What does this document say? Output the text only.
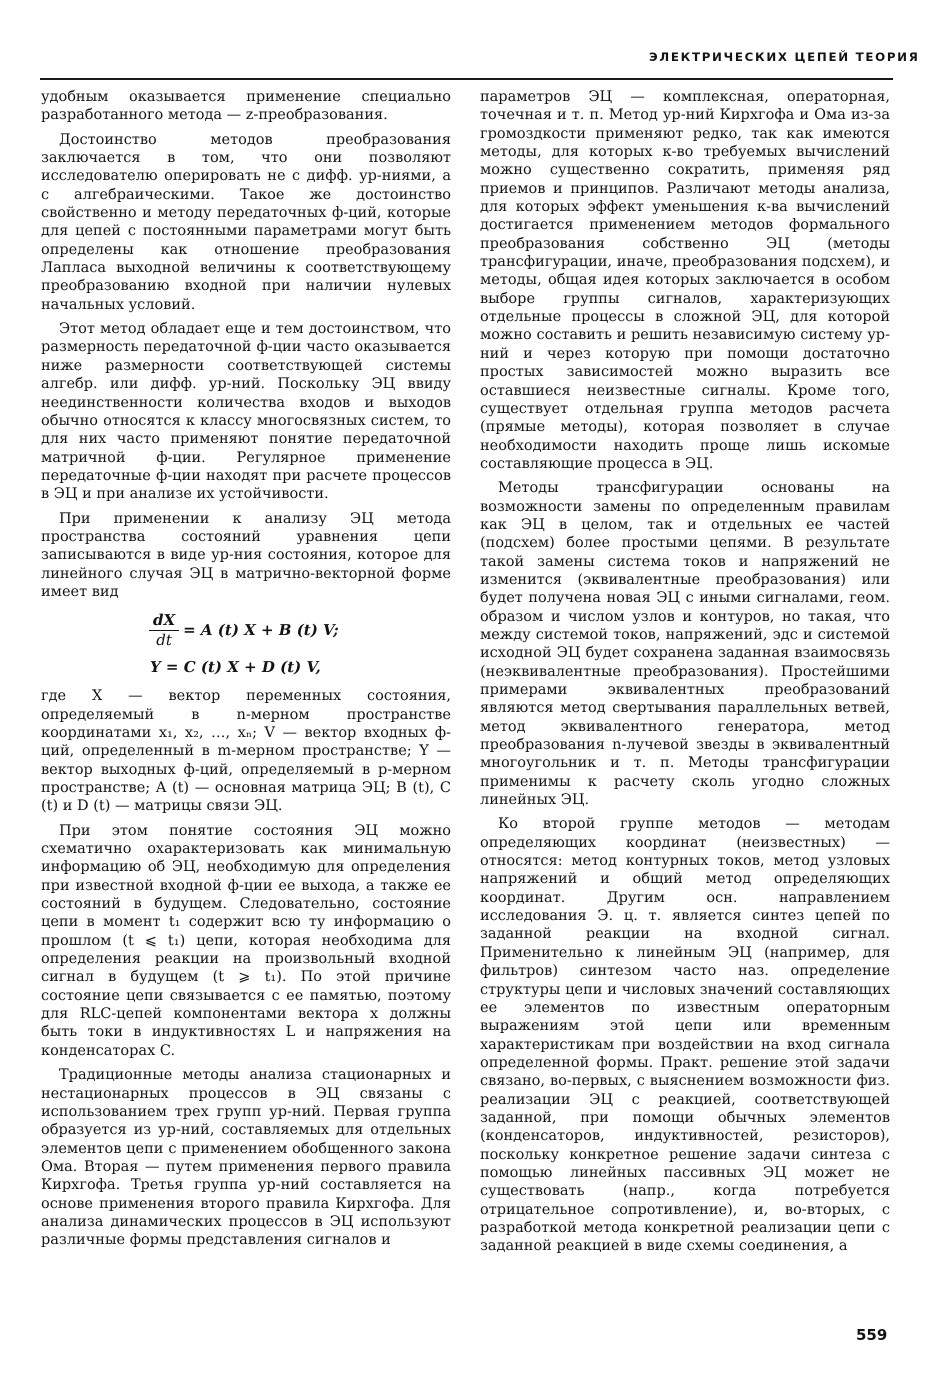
ЭЛЕКТРИЧЕСКИХ ЦЕПЕЙ ТЕОРИЯ

удобным оказывается применение специально разработанного метода — z-преобразования.

Достоинство методов преобразования заключается в том, что они позволяют исследователю оперировать не с дифф. ур-ниями, а с алгебраическими. Такое же достоинство свойственно и методу передаточных ф-ций, которые для цепей с постоянными параметрами могут быть определены как отношение преобразования Лапласа выходной величины к соответствующему преобразованию входной при наличии нулевых начальных условий.

Этот метод обладает еще и тем достоинством, что размерность передаточной ф-ции часто оказывается ниже размерности соответствующей системы алгебр. или дифф. ур-ний. Поскольку ЭЦ ввиду неединственности количества входов и выходов обычно относятся к классу многосвязных систем, то для них часто применяют понятие передаточной матричной ф-ции. Регулярное применение передаточные ф-ции находят при расчете процессов в ЭЦ и при анализе их устойчивости.

При применении к анализу ЭЦ метода пространства состояний уравнения цепи записываются в виде ур-ния состояния, которое для линейного случая ЭЦ в матрично-векторной форме имеет вид

$\frac{dX}{dt} = A$ (t) X + B (t) V;
Y = C (t) X + D (t) V,

где X — вектор переменных состояния, определяемый в n-мерном пространстве координатами x₁, x₂, …, xₙ; V — вектор входных ф-ций, определенный в m-мерном пространстве; Y — вектор выходных ф-ций, определяемый в p-мерном пространстве; A (t) — основная матрица ЭЦ; B (t), C (t) и D (t) — матрицы связи ЭЦ.

При этом понятие состояния ЭЦ можно схематично охарактеризовать как минимальную информацию об ЭЦ, необходимую для определения при известной входной ф-ции ее выхода, а также ее состояний в будущем. Следовательно, состояние цепи в момент t₁ содержит всю ту информацию о прошлом (t ⩽ t₁) цепи, которая необходима для определения реакции на произвольный входной сигнал в будущем (t ⩾ t₁). По этой причине состояние цепи связывается с ее памятью, поэтому для RLC-цепей компонентами вектора x должны быть токи в индуктивностях L и напряжения на конденсаторах C.

Традиционные методы анализа стационарных и нестационарных процессов в ЭЦ связаны с использованием трех групп ур-ний. Первая группа образуется из ур-ний, составляемых для отдельных элементов цепи с применением обобщенного закона Ома. Вторая — путем применения первого правила Кирхгофа. Третья группа ур-ний составляется на основе применения второго правила Кирхгофа. Для анализа динамических процессов в ЭЦ используют различные формы представления сигналов и

параметров ЭЦ — комплексная, операторная, точечная и т. п. Метод ур-ний Кирхгофа и Ома из-за громоздкости применяют редко, так как имеются методы, для которых к-во требуемых вычислений можно существенно сократить, применяя ряд приемов и принципов. Различают методы анализа, для которых эффект уменьшения к-ва вычислений достигается применением методов формального преобразования собственно ЭЦ (методы трансфигурации, иначе, преобразования подсхем), и методы, общая идея которых заключается в особом выборе группы сигналов, характеризующих отдельные процессы в сложной ЭЦ, для которой можно составить и решить независимую систему ур-ний и через которую при помощи достаточно простых зависимостей можно выразить все оставшиеся неизвестные сигналы. Кроме того, существует отдельная группа методов расчета (прямые методы), которая позволяет в случае необходимости находить проще лишь искомые составляющие процесса в ЭЦ.

Методы трансфигурации основаны на возможности замены по определенным правилам как ЭЦ в целом, так и отдельных ее частей (подсхем) более простыми цепями. В результате такой замены система токов и напряжений не изменится (эквивалентные преобразования) или будет получена новая ЭЦ с иными сигналами, геом. образом и числом узлов и контуров, но такая, что между системой токов, напряжений, эдс и системой исходной ЭЦ будет сохранена заданная взаимосвязь (неэквивалентные преобразования). Простейшими примерами эквивалентных преобразований являются метод свертывания параллельных ветвей, метод эквивалентного генератора, метод преобразования n-лучевой звезды в эквивалентный многоугольник и т. п. Методы трансфигурации применимы к расчету сколь угодно сложных линейных ЭЦ.

Ко второй группе методов — методам определяющих координат (неизвестных) — относятся: метод контурных токов, метод узловых напряжений и общий метод определяющих координат. Другим осн. направлением исследования Э. ц. т. является синтез цепей по заданной реакции на входной сигнал. Применительно к линейным ЭЦ (например, для фильтров) синтезом часто наз. определение структуры цепи и числовых значений составляющих ее элементов по известным операторным выражениям этой цепи или временным характеристикам при воздействии на вход сигнала определенной формы. Практ. решение этой задачи связано, во-первых, с выяснением возможности физ. реализации ЭЦ с реакцией, соответствующей заданной, при помощи обычных элементов (конденсаторов, индуктивностей, резисторов), поскольку конкретное решение задачи синтеза с помощью линейных пассивных ЭЦ может не существовать (напр., когда потребуется отрицательное сопротивление), и, во-вторых, с разработкой метода конкретной реализации цепи с заданной реакцией в виде схемы соединения, а

559
